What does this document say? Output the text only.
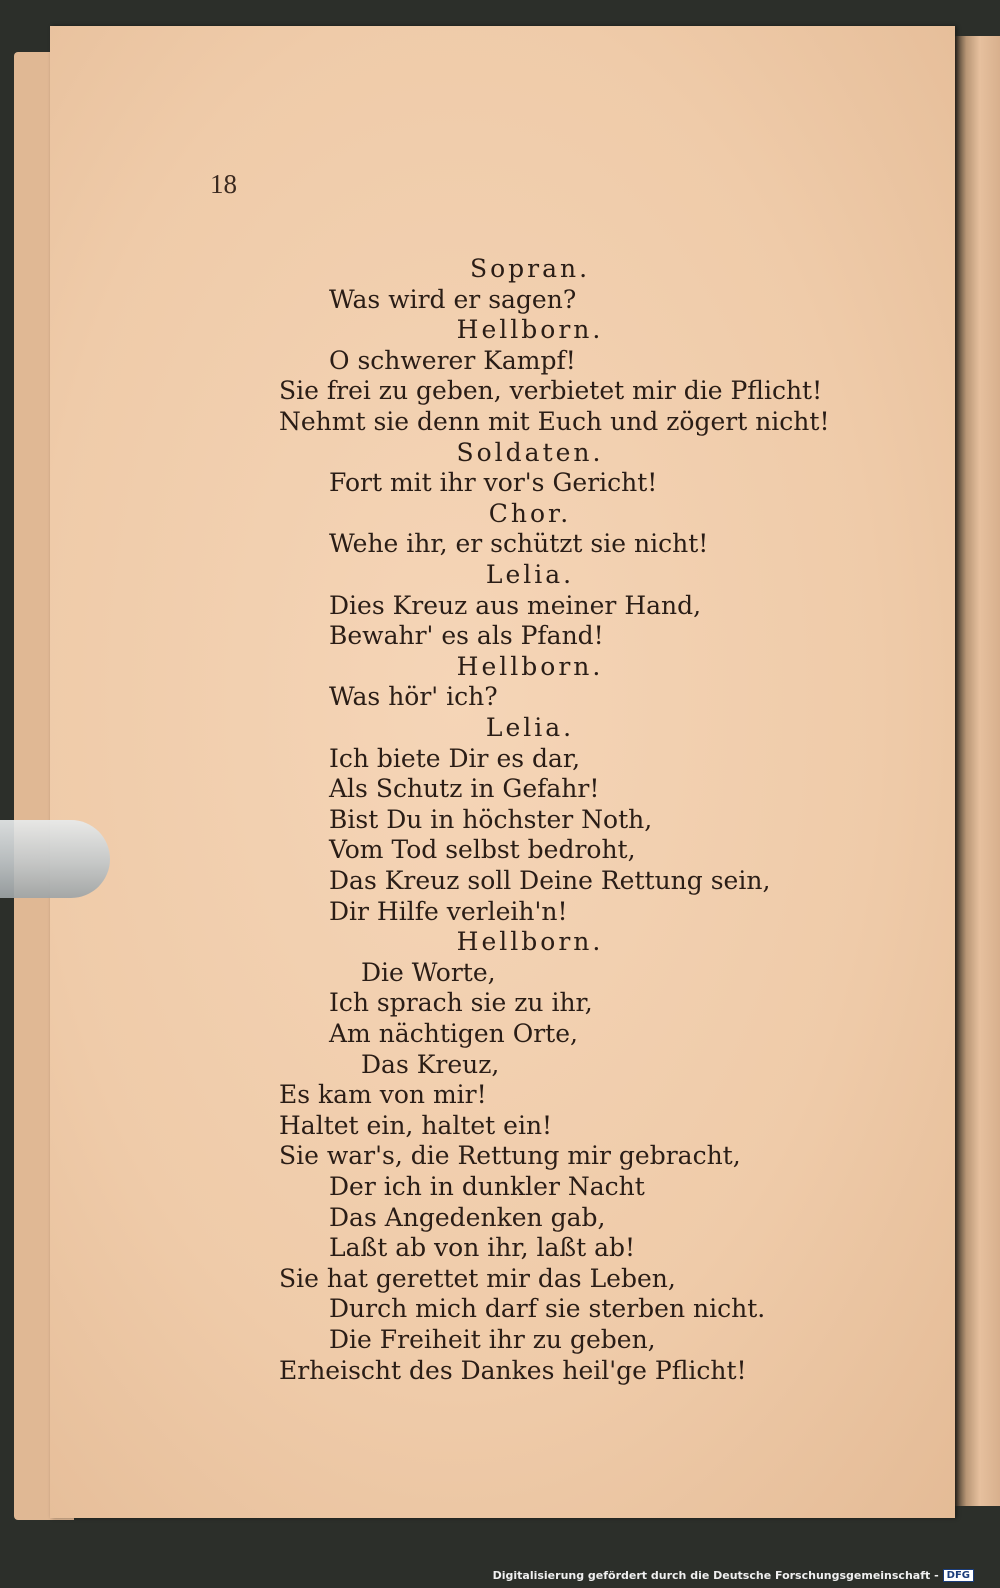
18
Sopran.
Was wird er sagen?
Hellborn.
O schwerer Kampf!
Sie frei zu geben, verbietet mir die Pflicht!
Nehmt sie denn mit Euch und zögert nicht!
Soldaten.
Fort mit ihr vor's Gericht!
Chor.
Wehe ihr, er schützt sie nicht!
Lelia.
Dies Kreuz aus meiner Hand,
Bewahr' es als Pfand!
Hellborn.
Was hör' ich?
Lelia.
Ich biete Dir es dar,
Als Schutz in Gefahr!
Bist Du in höchster Noth,
Vom Tod selbst bedroht,
Das Kreuz soll Deine Rettung sein,
Dir Hilfe verleih'n!
Hellborn.
Die Worte,
Ich sprach sie zu ihr,
Am nächtigen Orte,
Das Kreuz,
Es kam von mir!
Haltet ein, haltet ein!
Sie war's, die Rettung mir gebracht,
Der ich in dunkler Nacht
Das Angedenken gab,
Laßt ab von ihr, laßt ab!
Sie hat gerettet mir das Leben,
Durch mich darf sie sterben nicht.
Die Freiheit ihr zu geben,
Erheischt des Dankes heil'ge Pflicht!
Digitalisierung gefördert durch die Deutsche Forschungsgemeinschaft - DFG
